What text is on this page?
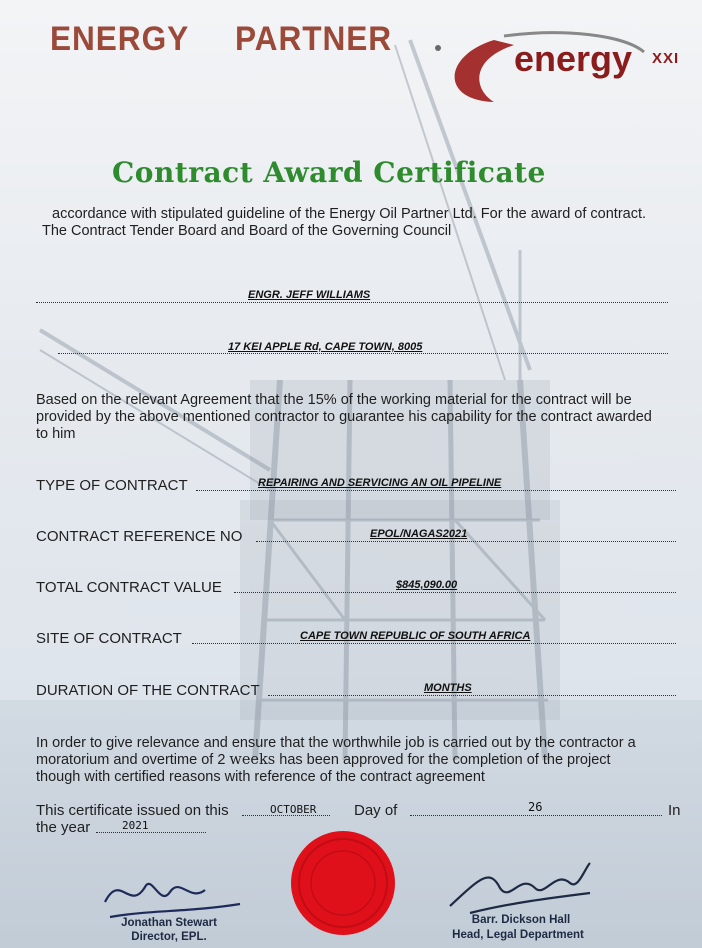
ENERGY PARTNER	energy XXI
Contract Award Certificate
accordance with stipulated guideline of the Energy Oil Partner Ltd. For the award of contract. The Contract Tender Board and Board of the Governing Council
ENGR. JEFF WILLIAMS
17 KEI APPLE Rd, CAPE TOWN, 8005
Based on the relevant Agreement that the 15% of the working material for the contract will be provided by the above mentioned contractor to guarantee his capability for the contract awarded to him
TYPE OF CONTRACT	REPAIRING AND SERVICING AN OIL PIPELINE
CONTRACT REFERENCE NO	EPOL/NAGAS2021
TOTAL CONTRACT VALUE	$845,090.00
SITE OF CONTRACT	CAPE TOWN REPUBLIC OF SOUTH AFRICA
DURATION OF THE CONTRACT	MONTHS
In order to give relevance and ensure that the worthwhile job is carried out by the contractor a
moratorium and overtime of 2 weeks has been approved for the completion of the project
though with certified reasons with reference of the contract agreement
This certificate issued on this	OCTOBER	Day of	26	In
the year	2021
Jonathan Stewart
Director, EPL.
Barr. Dickson Hall
Head, Legal Department
